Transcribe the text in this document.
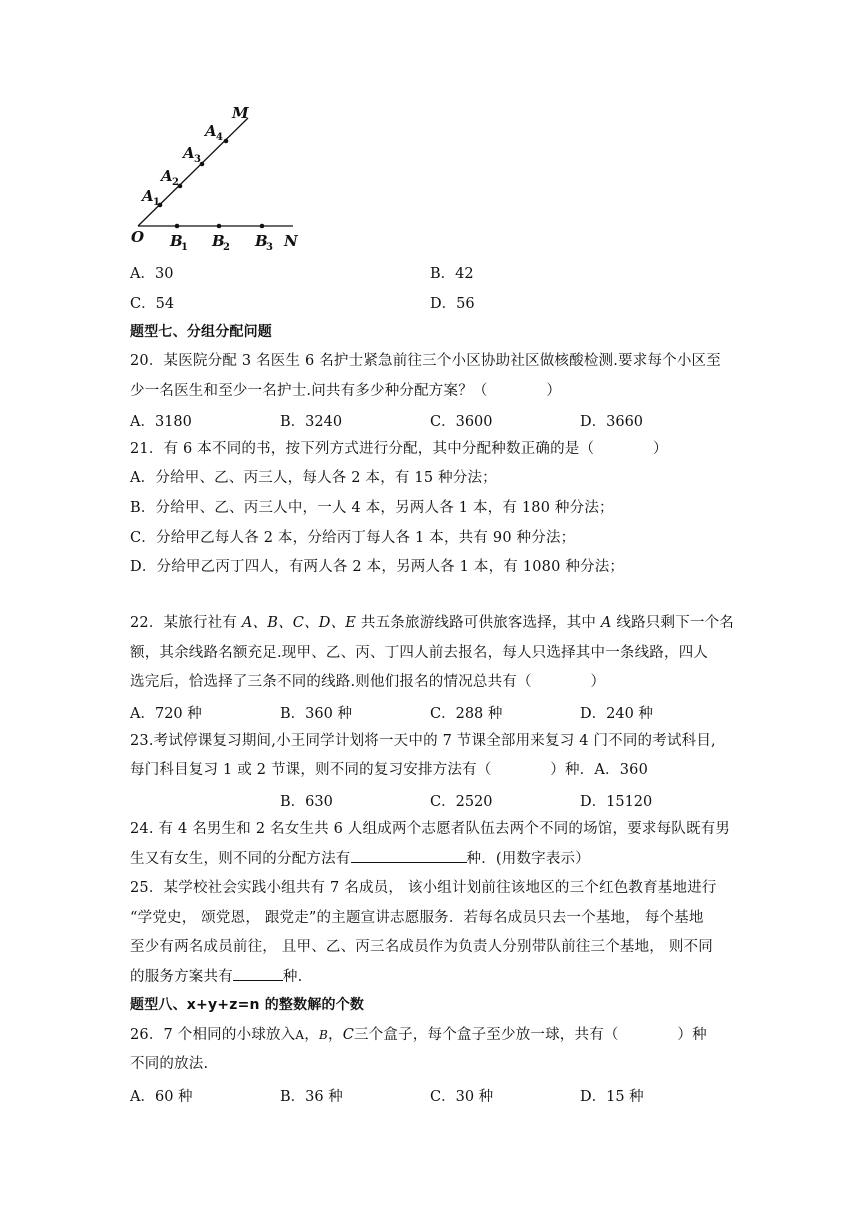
M
A 4
A 3
A 2
A 1
O B
1 B
2 B
3 N
A．30	B．42
C．54	D．56
题型七、分组分配问题
20．某医院分配 3 名医生 6 名护士紧急前往三个小区协助社区做核酸检测.要求每个小区至
少一名医生和至少一名护士.问共有多少种分配方案？（　　　　）
A．3180	B．3240	C．3600	D．3660
21．有 6 本不同的书，按下列方式进行分配，其中分配种数正确的是（　　　　）
A．分给甲、乙、丙三人，每人各 2 本，有 15 种分法；
B．分给甲、乙、丙三人中，一人 4 本，另两人各 1 本，有 180 种分法；
C．分给甲乙每人各 2 本，分给丙丁每人各 1 本，共有 90 种分法；
D．分给甲乙丙丁四人，有两人各 2 本，另两人各 1 本，有 1080 种分法；
22．某旅行社有 A、B、C、D、E 共五条旅游线路可供旅客选择，其中 A 线路只剩下一个名
额，其余线路名额充足.现甲、乙、丙、丁四人前去报名，每人只选择其中一条线路，四人
选完后，恰选择了三条不同的线路.则他们报名的情况总共有（　　　　）
A．720 种	B．360 种	C．288 种	D．240 种
23.考试停课复习期间,小王同学计划将一天中的 7 节课全部用来复习 4 门不同的考试科目,
每门科目复习 1 或 2 节课，则不同的复习安排方法有（　　　　）种．A．360
B．630	C．2520	D．15120
24. 有 4 名男生和 2 名女生共 6 人组成两个志愿者队伍去两个不同的场馆，要求每队既有男
生又有女生，则不同的分配方法有	种．(用数字表示）
25．某学校社会实践小组共有 7 名成员， 该小组计划前往该地区的三个红色教育基地进行
“学党史， 颂党恩， 跟党走”的主题宣讲志愿服务．若每名成员只去一个基地， 每个基地
至少有两名成员前往， 且甲、乙、丙三名成员作为负责人分别带队前往三个基地， 则不同
的服务方案共有	种.
题型八、x+y+z=n 的整数解的个数
26．7 个相同的小球放入A，B，C三个盒子，每个盒子至少放一球，共有（　　　　）种
不同的放法.
A．60 种	B．36 种	C．30 种	D．15 种
